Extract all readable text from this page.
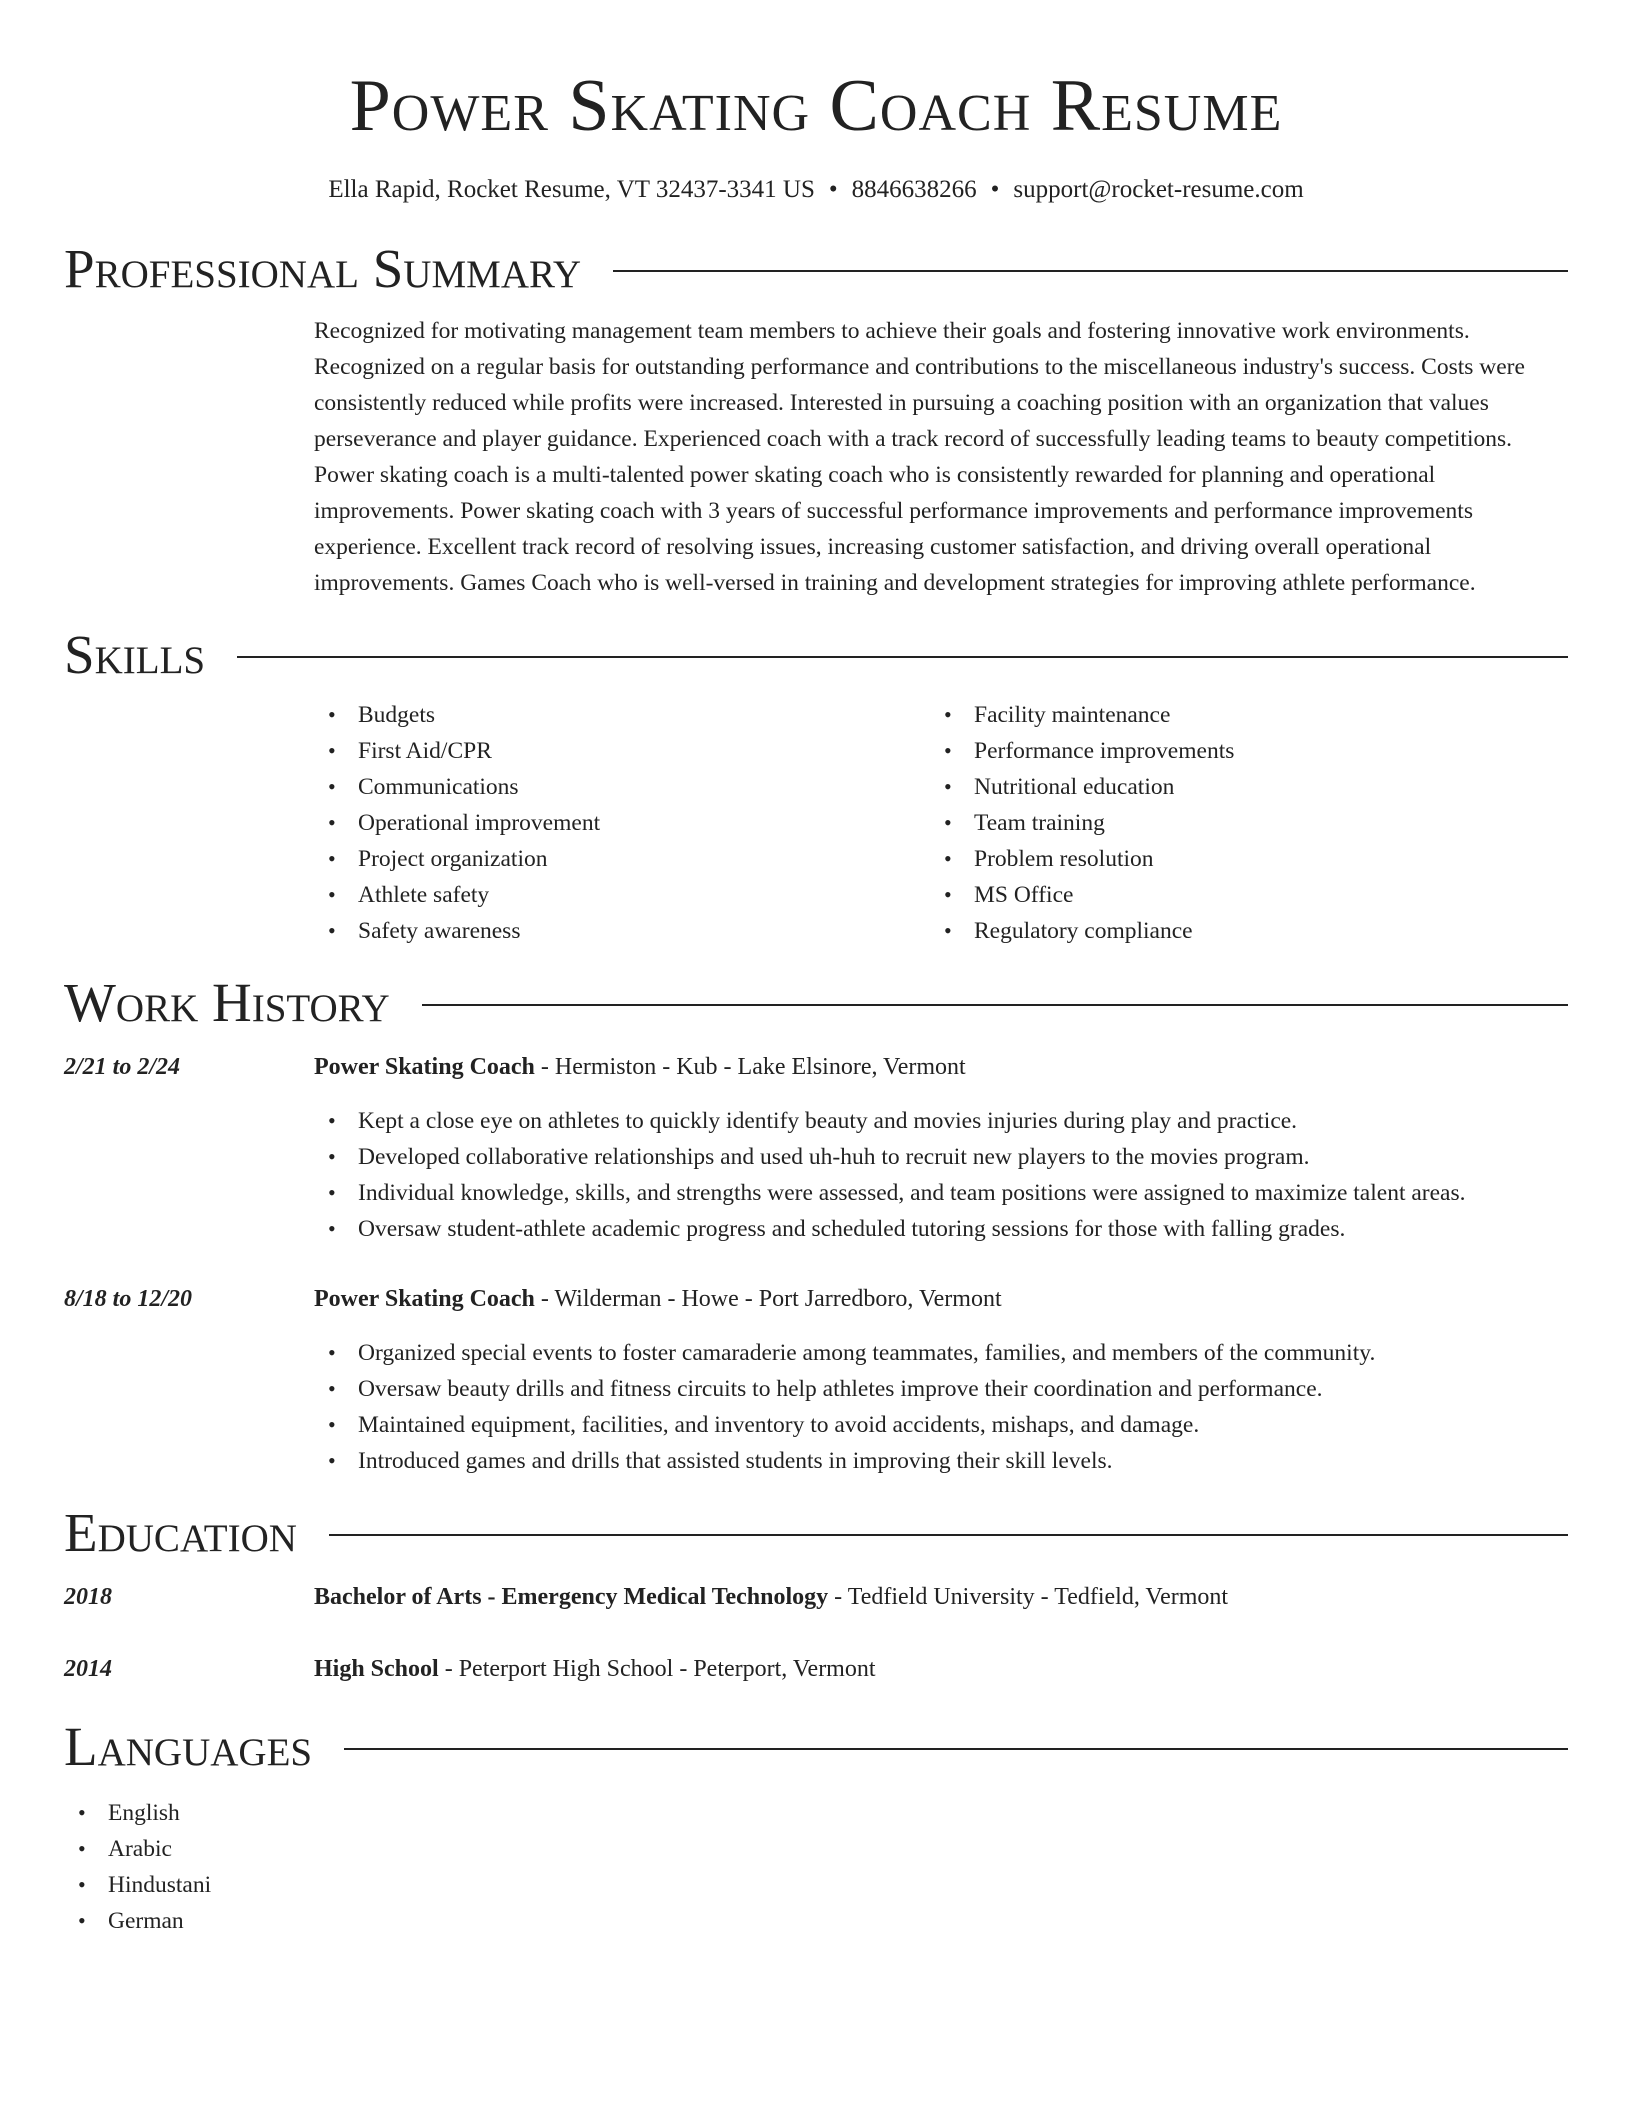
Power Skating Coach Resume
Ella Rapid, Rocket Resume, VT 32437-3341 US • 8846638266 • support@rocket-resume.com
Professional Summary

Recognized for motivating management team members to achieve their goals and fostering innovative work environments. Recognized on a regular basis for outstanding performance and contributions to the miscellaneous industry's success. Costs were consistently reduced while profits were increased. Interested in pursuing a coaching position with an organization that values perseverance and player guidance. Experienced coach with a track record of successfully leading teams to beauty competitions. Power skating coach is a multi-talented power skating coach who is consistently rewarded for planning and operational improvements. Power skating coach with 3 years of successful performance improvements and performance improvements experience. Excellent track record of resolving issues, increasing customer satisfaction, and driving overall operational improvements. Games Coach who is well-versed in training and development strategies for improving athlete performance.

Skills
• Budgets
• First Aid/CPR
• Communications
• Operational improvement
• Project organization
• Athlete safety
• Safety awareness
• Facility maintenance
• Performance improvements
• Nutritional education
• Team training
• Problem resolution
• MS Office
• Regulatory compliance
Work History
2/21 to 2/24	Power Skating Coach - Hermiston - Kub - Lake Elsinore, Vermont
• Kept a close eye on athletes to quickly identify beauty and movies injuries during play and practice.
• Developed collaborative relationships and used uh-huh to recruit new players to the movies program.
• Individual knowledge, skills, and strengths were assessed, and team positions were assigned to maximize talent areas.
• Oversaw student-athlete academic progress and scheduled tutoring sessions for those with falling grades.
8/18 to 12/20	Power Skating Coach - Wilderman - Howe - Port Jarredboro, Vermont
• Organized special events to foster camaraderie among teammates, families, and members of the community.
• Oversaw beauty drills and fitness circuits to help athletes improve their coordination and performance.
• Maintained equipment, facilities, and inventory to avoid accidents, mishaps, and damage.
• Introduced games and drills that assisted students in improving their skill levels.
Education
2018	Bachelor of Arts - Emergency Medical Technology - Tedfield University - Tedfield, Vermont
2014	High School - Peterport High School - Peterport, Vermont
Languages
• English
• Arabic
• Hindustani
• German
